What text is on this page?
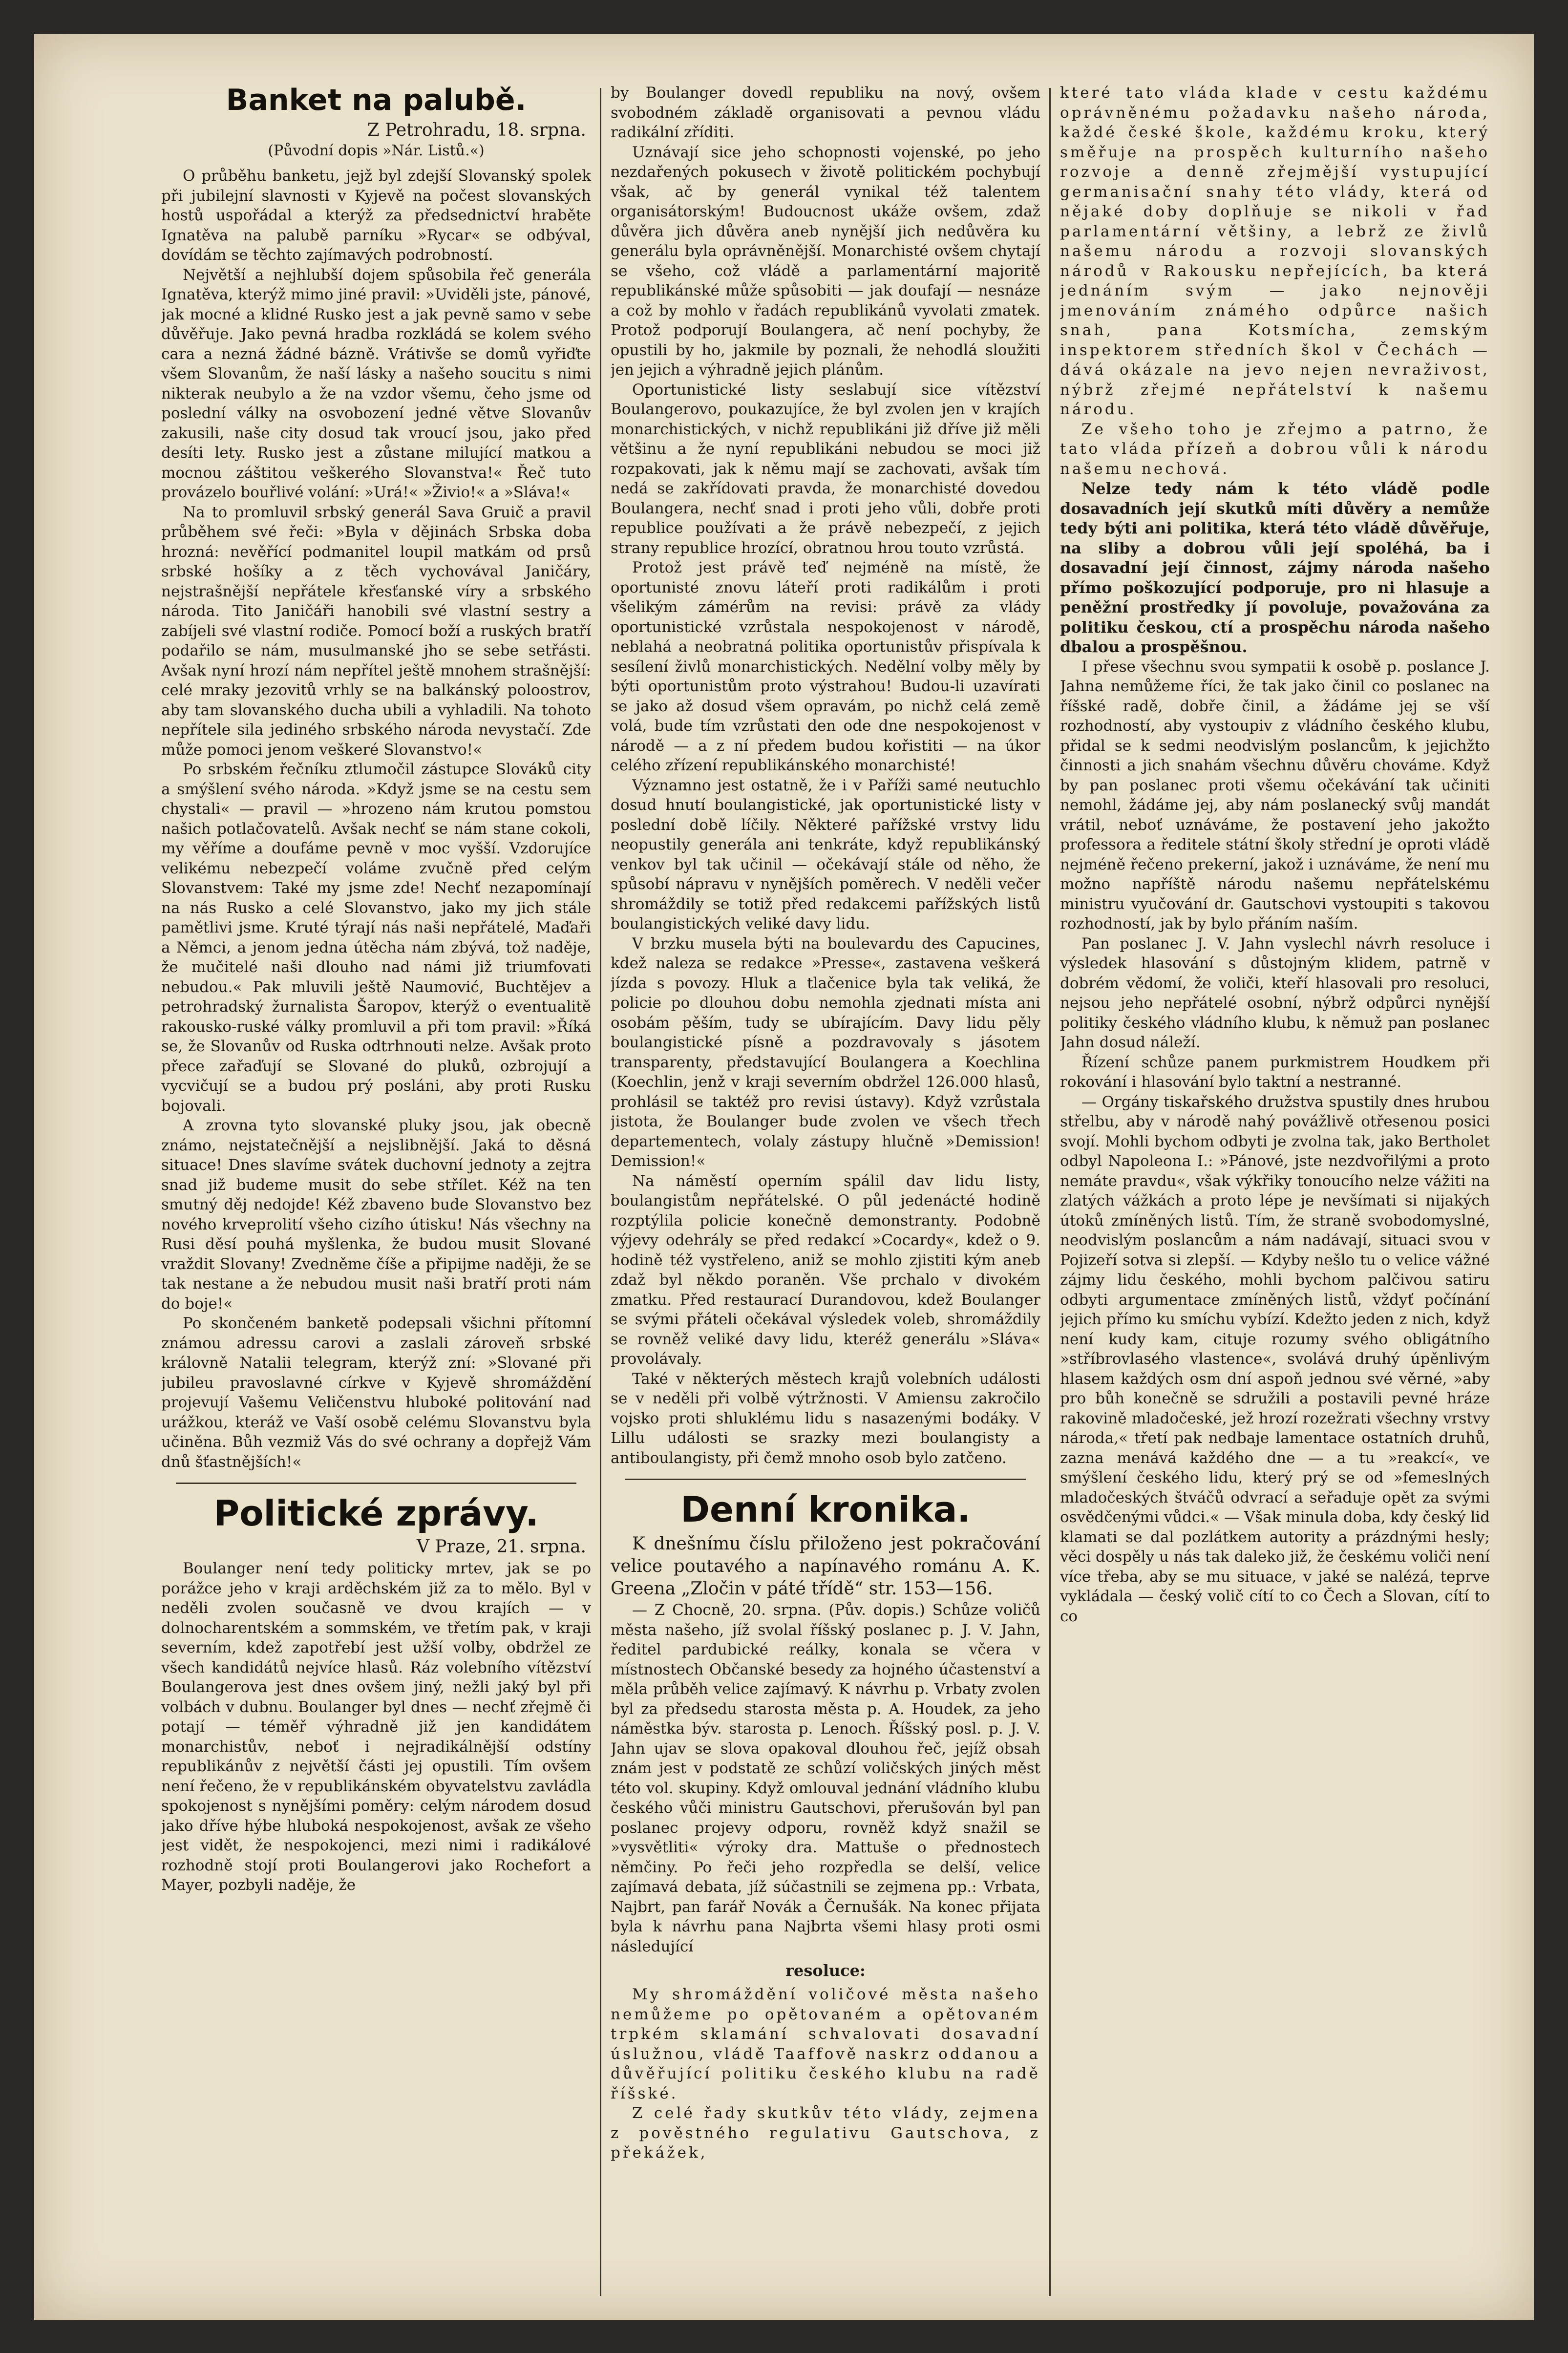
Banket na palubě.
Z Petrohradu, 18. srpna.
(Původní dopis »Nár. Listů.«)

O průběhu banketu, jejž byl zdejší Slovanský spolek při jubilejní slavnosti v Kyjevě na počest slovanských hostů uspořádal a kterýž za předsednictví hraběte Ignatěva na palubě parníku »Rycar« se odbýval, dovídám se těchto zajímavých podrobností.

Největší a nejhlubší dojem spůsobila řeč generála Ignatěva, kterýž mimo jiné pravil: »Uviděli jste, pánové, jak mocné a klidné Rusko jest a jak pevně samo v sebe důvěřuje. Jako pevná hradba rozkládá se kolem svého cara a nezná žádné bázně. Vrátivše se domů vyřiďte všem Slovanům, že naší lásky a našeho soucitu s nimi nikterak neubylo a že na vzdor všemu, čeho jsme od poslední války na osvobození jedné větve Slovanův zakusili, naše city dosud tak vroucí jsou, jako před desíti lety. Rusko jest a zůstane milující matkou a mocnou záštitou veškerého Slovanstva!« Řeč tuto provázelo bouřlivé volání: »Urá!« »Živio!« a »Sláva!«

Na to promluvil srbský generál Sava Gruič a pravil průběhem své řeči: »Byla v dějinách Srbska doba hrozná: nevěřící podmanitel loupil matkám od prsů srbské hošíky a z těch vychovával Janičáry, nejstrašnější nepřátele křesťanské víry a srbského národa. Tito Janičáři hanobili své vlastní sestry a zabíjeli své vlastní rodiče. Pomocí boží a ruských bratří podařilo se nám, musulmanské jho se sebe setřásti. Avšak nyní hrozí nám nepřítel ještě mnohem strašnější: celé mraky jezovitů vrhly se na balkánský poloostrov, aby tam slovanského ducha ubili a vyhladili. Na tohoto nepřítele sila jediného srbského národa nevystačí. Zde může pomoci jenom veškeré Slovanstvo!«

Po srbském řečníku ztlumočil zástupce Slováků city a smýšlení svého národa. »Když jsme se na cestu sem chystali« — pravil — »hrozeno nám krutou pomstou našich potlačovatelů. Avšak nechť se nám stane cokoli, my věříme a doufáme pevně v moc vyšší. Vzdorujíce velikému nebezpečí voláme zvučně před celým Slovanstvem: Také my jsme zde! Nechť nezapomínají na nás Rusko a celé Slovanstvo, jako my jich stále pamětlivi jsme. Kruté týrají nás naši nepřátelé, Maďaři a Němci, a jenom jedna útěcha nám zbývá, tož naděje, že mučitelé naši dlouho nad námi již triumfovati nebudou.« Pak mluvili ještě Naumović, Buchtějev a petrohradský žurnalista Šaropov, kterýž o eventualitě rakousko-ruské války promluvil a při tom pravil: »Říká se, že Slovanův od Ruska odtrhnouti nelze. Avšak proto přece zařaďují se Slované do pluků, ozbrojují a vycvičují se a budou prý posláni, aby proti Rusku bojovali.

A zrovna tyto slovanské pluky jsou, jak obecně známo, nejstatečnější a nejslibnější. Jaká to děsná situace! Dnes slavíme svátek duchovní jednoty a zejtra snad již budeme musit do sebe střílet. Kéž na ten smutný děj nedojde! Kéž zbaveno bude Slovanstvo bez nového krveprolití všeho cizího útisku! Nás všechny na Rusi děsí pouhá myšlenka, že budou musit Slované vraždit Slovany! Zvedněme číše a připijme naději, že se tak nestane a že nebudou musit naši bratří proti nám do boje!«

Po skončeném banketě podepsali všichni přítomní známou adressu carovi a zaslali zároveň srbské královně Natalii telegram, kterýž zní: »Slované při jubileu pravoslavné církve v Kyjevě shromáždění projevují Vašemu Veličenstvu hluboké politování nad urážkou, kteráž ve Vaší osobě celému Slovanstvu byla učiněna. Bůh vezmiž Vás do své ochrany a dopřejž Vám dnů šťastnějších!«

Politické zprávy.
V Praze, 21. srpna.

Boulanger není tedy politicky mrtev, jak se po porážce jeho v kraji arděchském již za to mělo. Byl v neděli zvolen současně ve dvou krajích — v dolnocharentském a sommském, ve třetím pak, v kraji severním, kdež zapotřebí jest užší volby, obdržel ze všech kandidátů nejvíce hlasů. Ráz volebního vítězství Boulangerova jest dnes ovšem jiný, nežli jaký byl při volbách v dubnu. Boulanger byl dnes — nechť zřejmě či potají — téměř výhradně již jen kandidátem monarchistův, neboť i nejradikálnější odstíny republikánův z největší části jej opustili. Tím ovšem není řečeno, že v republikánském obyvatelstvu zavládla spokojenost s nynějšími poměry: celým národem dosud jako dříve hýbe hluboká nespokojenost, avšak ze všeho jest vidět, že nespokojenci, mezi nimi i radikálové rozhodně stojí proti Boulangerovi jako Rochefort a Mayer, pozbyli naděje, že

by Boulanger dovedl republiku na nový, ovšem svobodném základě organisovati a pevnou vládu radikální zříditi.

Uznávají sice jeho schopnosti vojenské, po jeho nezdařených pokusech v životě politickém pochybují však, ač by generál vynikal též talentem organisátorským! Budoucnost ukáže ovšem, zdaž důvěra jich důvěra aneb nynější jich nedůvěra ku generálu byla oprávněnější. Monarchisté ovšem chytají se všeho, což vládě a parlamentární majoritě republikánské může spůsobiti — jak doufají — nesnáze a což by mohlo v řadách republikánů vyvolati zmatek. Protož podporují Boulangera, ač není pochyby, že opustili by ho, jakmile by poznali, že nehodlá sloužiti jen jejich a výhradně jejich plánům.

Oportunistické listy seslabují sice vítězství Boulangerovo, poukazujíce, že byl zvolen jen v krajích monarchistických, v nichž republikáni již dříve již měli většinu a že nyní republikáni nebudou se moci již rozpakovati, jak k němu mají se zachovati, avšak tím nedá se zakřídovati pravda, že monarchisté dovedou Boulangera, nechť snad i proti jeho vůli, dobře proti republice používati a že právě nebezpečí, z jejich strany republice hrozící, obratnou hrou touto vzrůstá.

Protož jest právě teď nejméně na místě, že oportunisté znovu láteří proti radikálům i proti všelikým zámérům na revisi: právě za vlády oportunistické vzrůstala nespokojenost v národě, neblahá a neobratná politika oportunistův přispívala k sesílení živlů monarchistických. Nedělní volby měly by býti oportunistům proto výstrahou! Budou-li uzavírati se jako až dosud všem opravám, po nichž celá země volá, bude tím vzrůstati den ode dne nespokojenost v národě — a z ní předem budou kořistiti — na úkor celého zřízení republikánského monarchisté!

Významno jest ostatně, že i v Paříži samé neutuchlo dosud hnutí boulangistické, jak oportunistické listy v poslední době líčily. Některé pařížské vrstvy lidu neopustily generála ani tenkráte, když republikánský venkov byl tak učinil — očekávají stále od něho, že spůsobí nápravu v nynějších poměrech. V neděli večer shromáždily se totiž před redakcemi pařížských listů boulangistických veliké davy lidu.

V brzku musela býti na boulevardu des Capucines, kdež naleza se redakce »Presse«, zastavena veškerá jízda s povozy. Hluk a tlačenice byla tak veliká, že policie po dlouhou dobu nemohla zjednati místa ani osobám pěším, tudy se ubírajícím. Davy lidu pěly boulangistické písně a pozdravovaly s jásotem transparenty, představující Boulangera a Koechlina (Koechlin, jenž v kraji severním obdržel 126.000 hlasů, prohlásil se taktéž pro revisi ústavy). Když vzrůstala jistota, že Boulanger bude zvolen ve všech třech departementech, volaly zástupy hlučně »Demission! Demission!«

Na náměstí operním spálil dav lidu listy, boulangistům nepřátelské. O půl jedenácté hodině rozptýlila policie konečně demonstranty. Podobně výjevy odehrály se před redakcí »Cocardy«, kdež o 9. hodině též vystřeleno, aniž se mohlo zjistiti kým aneb zdaž byl někdo poraněn. Vše prchalo v divokém zmatku. Před restaurací Durandovou, kdež Boulanger se svými přáteli očekával výsledek voleb, shromáždily se rovněž veliké davy lidu, kteréž generálu »Sláva« provolávaly.

Také v některých městech krajů volebních události se v neděli při volbě výtržnosti. V Amiensu zakročilo vojsko proti shluklému lidu s nasazenými bodáky. V Lillu události se srazky mezi boulangisty a antiboulangisty, při čemž mnoho osob bylo zatčeno.

Denní kronika.

K dnešnímu číslu přiloženo jest pokračování velice poutavého a napínavého románu A. K. Greena „Zločin v páté třídě“ str. 153—156.

— Z Chocně, 20. srpna. (Pův. dopis.) Schůze voličů města našeho, jíž svolal říšský poslanec p. J. V. Jahn, ředitel pardubické reálky, konala se včera v místnostech Občanské besedy za hojného účastenství a měla průběh velice zajímavý. K návrhu p. Vrbaty zvolen byl za předsedu starosta města p. A. Houdek, za jeho náměstka býv. starosta p. Lenoch. Říšský posl. p. J. V. Jahn ujav se slova opakoval dlouhou řeč, jejíž obsah znám jest v podstatě ze schůzí voličských jiných měst této vol. skupiny. Když omlouval jednání vládního klubu českého vůči ministru Gautschovi, přerušován byl pan poslanec projevy odporu, rovněž když snažil se »vysvětliti« výroky dra. Mattuše o přednostech němčiny. Po řeči jeho rozpředla se delší, velice zajímavá debata, jíž súčastnili se zejmena pp.: Vrbata, Najbrt, pan farář Novák a Černušák. Na konec přijata byla k návrhu pana Najbrta všemi hlasy proti osmi následující

resoluce:

My shromáždění voličové města našeho nemůžeme po opětovaném a opětovaném trpkém sklamání schvalovati dosavadní úslužnou, vládě Taaffově naskrz oddanou a důvěřující politiku českého klubu na radě říšské.

Z celé řady skutkův této vlády, zejmena z pověstného regulativu Gautschova, z překážek,

které tato vláda klade v cestu každému oprávněnému požadavku našeho národa, každé české škole, každému kroku, který směřuje na prospěch kulturního našeho rozvoje a denně zřejmější vystupující germanisační snahy této vlády, která od nějaké doby doplňuje se nikoli v řad parlamentární většiny, a lebrž ze živlů našemu národu a rozvoji slovanských národů v Rakousku nepřejících, ba která jednáním svým — jako nejnověji jmenováním známého odpůrce našich snah, pana Kotsmícha, zemským inspektorem středních škol v Čechách — dává okázale na jevo nejen nevraživost, nýbrž zřejmé nepřátelství k našemu národu.

Ze všeho toho je zřejmo a patrno, že tato vláda přízeň a dobrou vůli k národu našemu nechová.

Nelze tedy nám k této vládě podle dosavadních její skutků míti důvěry a nemůže tedy býti ani politika, která této vládě důvěřuje, na sliby a dobrou vůli její spoléhá, ba i dosavadní její činnost, zájmy národa našeho přímo poškozující podporuje, pro ni hlasuje a peněžní prostředky jí povoluje, považována za politiku českou, ctí a prospěchu národa našeho dbalou a prospěšnou.

I přese všechnu svou sympatii k osobě p. poslance J. Jahna nemůžeme říci, že tak jako činil co poslanec na říšské radě, dobře činil, a žádáme jej se vší rozhodností, aby vystoupiv z vládního českého klubu, přidal se k sedmi neodvislým poslancům, k jejichžto činnosti a jich snahám všechnu důvěru chováme. Když by pan poslanec proti všemu očekávání tak učiniti nemohl, žádáme jej, aby nám poslanecký svůj mandát vrátil, neboť uznáváme, že postavení jeho jakožto professora a ředitele státní školy střední je oproti vládě nejméně řečeno prekerní, jakož i uznáváme, že není mu možno napříště národu našemu nepřátelskému ministru vyučování dr. Gautschovi vystoupiti s takovou rozhodností, jak by bylo přáním naším.

Pan poslanec J. V. Jahn vyslechl návrh resoluce i výsledek hlasování s důstojným klidem, patrně v dobrém vědomí, že voliči, kteří hlasovali pro resoluci, nejsou jeho nepřátelé osobní, nýbrž odpůrci nynější politiky českého vládního klubu, k němuž pan poslanec Jahn dosud náleží.

Řízení schůze panem purkmistrem Houdkem při rokování i hlasování bylo taktní a nestranné.

— Orgány tiskařského družstva spustily dnes hrubou střelbu, aby v národě nahý povážlivě otřesenou posici svojí. Mohli bychom odbyti je zvolna tak, jako Bertholet odbyl Napoleona I.: »Pánové, jste nezdvořilými a proto nemáte pravdu«, však výkřiky tonoucího nelze vážiti na zlatých vážkách a proto lépe je nevšímati si nijakých útoků zmíněných listů. Tím, že straně svobodomyslné, neodvislým poslancům a nám nadávají, situaci svou v Pojizeří sotva si zlepší. — Kdyby nešlo tu o velice vážné zájmy lidu českého, mohli bychom palčivou satiru odbyti argumentace zmíněných listů, vždyť počínání jejich přímo ku smíchu vybízí. Kdežto jeden z nich, když není kudy kam, cituje rozumy svého obligátního »stříbrovlasého vlastence«, svolává druhý úpěnlivým hlasem každých osm dní aspoň jednou své věrné, »aby pro bůh konečně se sdružili a postavili pevné hráze rakovině mladočeské, jež hrozí rozežrati všechny vrstvy národa,« třetí pak nedbaje lamentace ostatních druhů, zazna menává každého dne — a tu »reakcí«, ve smýšlení českého lidu, který prý se od »femeslných mladočeských štváčů odvrací a seřaduje opět za svými osvědčenými vůdci.« — Však minula doba, kdy český lid klamati se dal pozlátkem autority a prázdnými hesly; věci dospěly u nás tak daleko již, že českému voliči není více třeba, aby se mu situace, v jaké se nalézá, teprve vykládala — český volič cítí to co Čech a Slovan, cítí to co
